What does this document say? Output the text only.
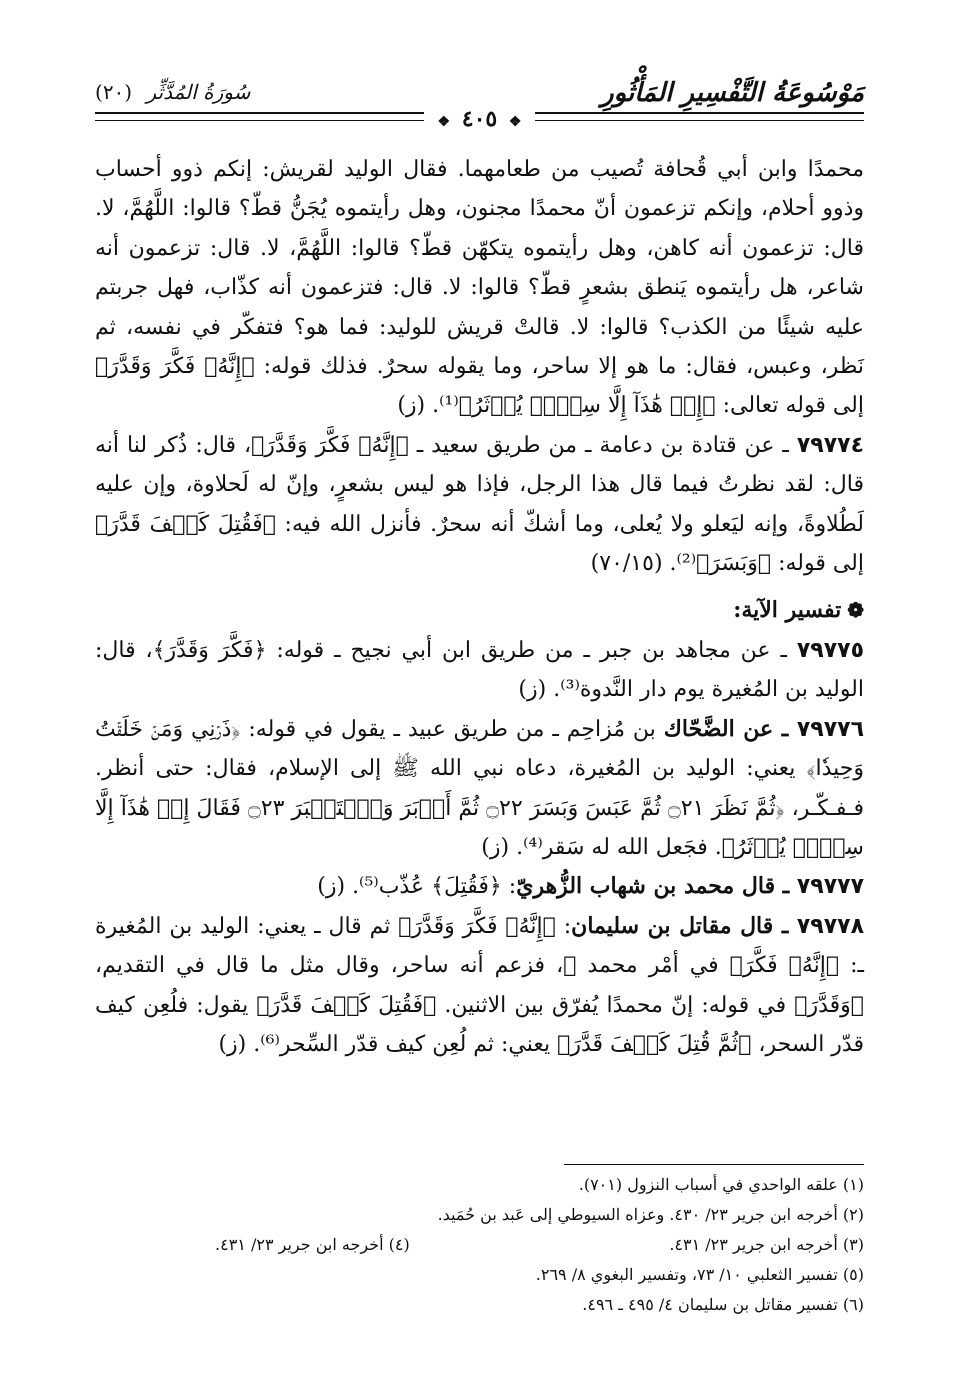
مَوْسُوعَةُ التَّفْسِيرِ المَأْثُورِ
سُورَةُ المُدَّثِّر (٢٠)
❖ ٤٠٥ ❖

محمدًا وابن أبي قُحافة تُصيب من طعامهما. فقال الوليد لقريش: إنكم ذوو أحساب وذوو أحلام، وإنكم تزعمون أنّ محمدًا مجنون، وهل رأيتموه يُجَنُّ قطّ؟ قالوا: اللَّهُمَّ، لا. قال: تزعمون أنه كاهن، وهل رأيتموه يتكهّن قطّ؟ قالوا: اللَّهُمَّ، لا. قال: تزعمون أنه شاعر، هل رأيتموه يَنطق بشعرٍ قطّ؟ قالوا: لا. قال: فتزعمون أنه كذّاب، فهل جربتم عليه شيئًا من الكذب؟ قالوا: لا. قالتْ قريش للوليد: فما هو؟ فتفكّر في نفسه، ثم نَظر، وعبس، فقال: ما هو إلا ساحر، وما يقوله سحرٌ. فذلك قوله: ﴿إِنَّهُۥ فَكَّرَ وَقَدَّرَ﴾ إلى قوله تعالى: ﴿إِنۡ هَٰذَآ إِلَّا سِحۡرٞ يُؤۡثَرُ﴾⁽¹⁾. (ز)

٧٩٧٧٤ ـ عن قتادة بن دعامة ـ من طريق سعيد ـ ﴿إِنَّهُۥ فَكَّرَ وَقَدَّرَ﴾، قال: ذُكر لنا أنه قال: لقد نظرتُ فيما قال هذا الرجل، فإذا هو ليس بشعرٍ، وإنّ له لَحلاوة، وإن عليه لَطُلاوةً، وإنه ليَعلو ولا يُعلى، وما أشكّ أنه سحرٌ. فأنزل الله فيه: ﴿فَقُتِلَ كَيۡفَ قَدَّرَ﴾ إلى قوله: ﴿وَبَسَرَ﴾⁽²⁾. (٧٠/١٥)

❁تفسير الآية:

٧٩٧٧٥ ـ عن مجاهد بن جبر ـ من طريق ابن أبي نجيح ـ قوله: ﴿فَكَّرَ وَقَدَّرَ﴾، قال: الوليد بن المُغيرة يوم دار النَّدوة⁽³⁾. (ز)

٧٩٧٧٦ ـ عن الضَّحّاك بن مُزاحِم ـ من طريق عبيد ـ يقول في قوله: ﴿ذَرۡنِي وَمَنۡ خَلَقۡتُ وَحِيدٗا﴾ يعني: الوليد بن المُغيرة، دعاه نبي الله ﷺ إلى الإسلام، فقال: حتى أنظر. فـفـكّـر، ﴿ثُمَّ نَظَرَ ۝٢١ ثُمَّ عَبَسَ وَبَسَرَ ۝٢٢ ثُمَّ أَدۡبَرَ وَٱسۡتَكۡبَرَ ۝٢٣ فَقَالَ إِنۡ هَٰذَآ إِلَّا سِحۡرٞ يُؤۡثَرُ﴾. فجَعل الله له سَقر⁽⁴⁾. (ز)

٧٩٧٧٧ ـ قال محمد بن شهاب الزُّهريّ: ﴿فَقُتِلَ﴾ عُذّب⁽⁵⁾. (ز)

٧٩٧٧٨ ـ قال مقاتل بن سليمان: ﴿إِنَّهُۥ فَكَّرَ وَقَدَّرَ﴾ ثم قال ـ يعني: الوليد بن المُغيرة ـ: ﴿إِنَّهُۥ فَكَّرَ﴾ في أمْر محمد ﷺ، فزعم أنه ساحر، وقال مثل ما قال في التقديم، ﴿وَقَدَّرَ﴾ في قوله: إنّ محمدًا يُفرّق بين الاثنين. ﴿فَقُتِلَ كَيۡفَ قَدَّرَ﴾ يقول: فلُعِن كيف قدّر السحر، ﴿ثُمَّ قُتِلَ كَيۡفَ قَدَّرَ﴾ يعني: ثم لُعِن كيف قدّر السِّحر⁽⁶⁾. (ز)

(١) علقه الواحدي في أسباب النزول (٧٠١).

(٢) أخرجه ابن جرير ٢٣/ ٤٣٠. وعزاه السيوطي إلى عَبد بن حُمَيد.

(٣) أخرجه ابن جرير ٢٣/ ٤٣١.
(٤) أخرجه ابن جرير ٢٣/ ٤٣١.

(٥) تفسير الثعلبي ١٠/ ٧٣، وتفسير البغوي ٨/ ٢٦٩.

(٦) تفسير مقاتل بن سليمان ٤/ ٤٩٥ ـ ٤٩٦.
